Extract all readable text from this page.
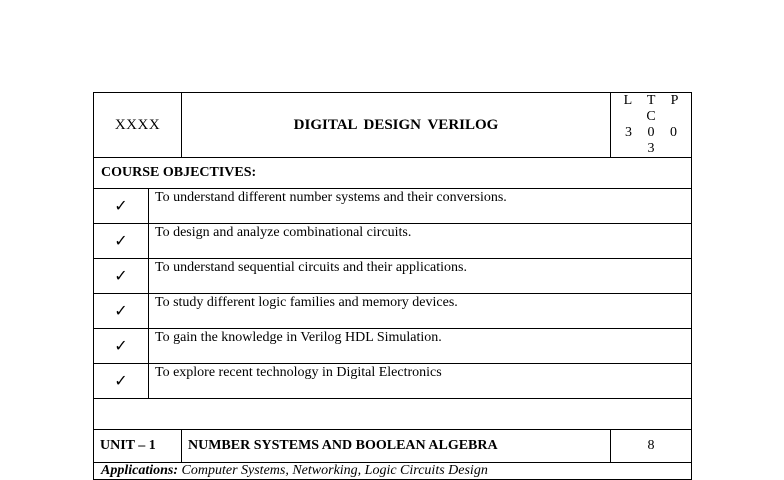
XXXX		DIGITAL DESIGN VERILOG	L T P C
3 0 0 3

COURSE OBJECTIVES:			
✓	To understand different number systems and their conversions.		
✓	To design and analyze combinational circuits.		
✓	To understand sequential circuits and their applications.		
✓	To study different logic families and memory devices.		
✓	To gain the knowledge in Verilog HDL Simulation.		
✓	To explore recent technology in Digital Electronics		

UNIT – 1		NUMBER SYSTEMS AND BOOLEAN ALGEBRA	8
Applications: Computer Systems, Networking, Logic Circuits Design			
